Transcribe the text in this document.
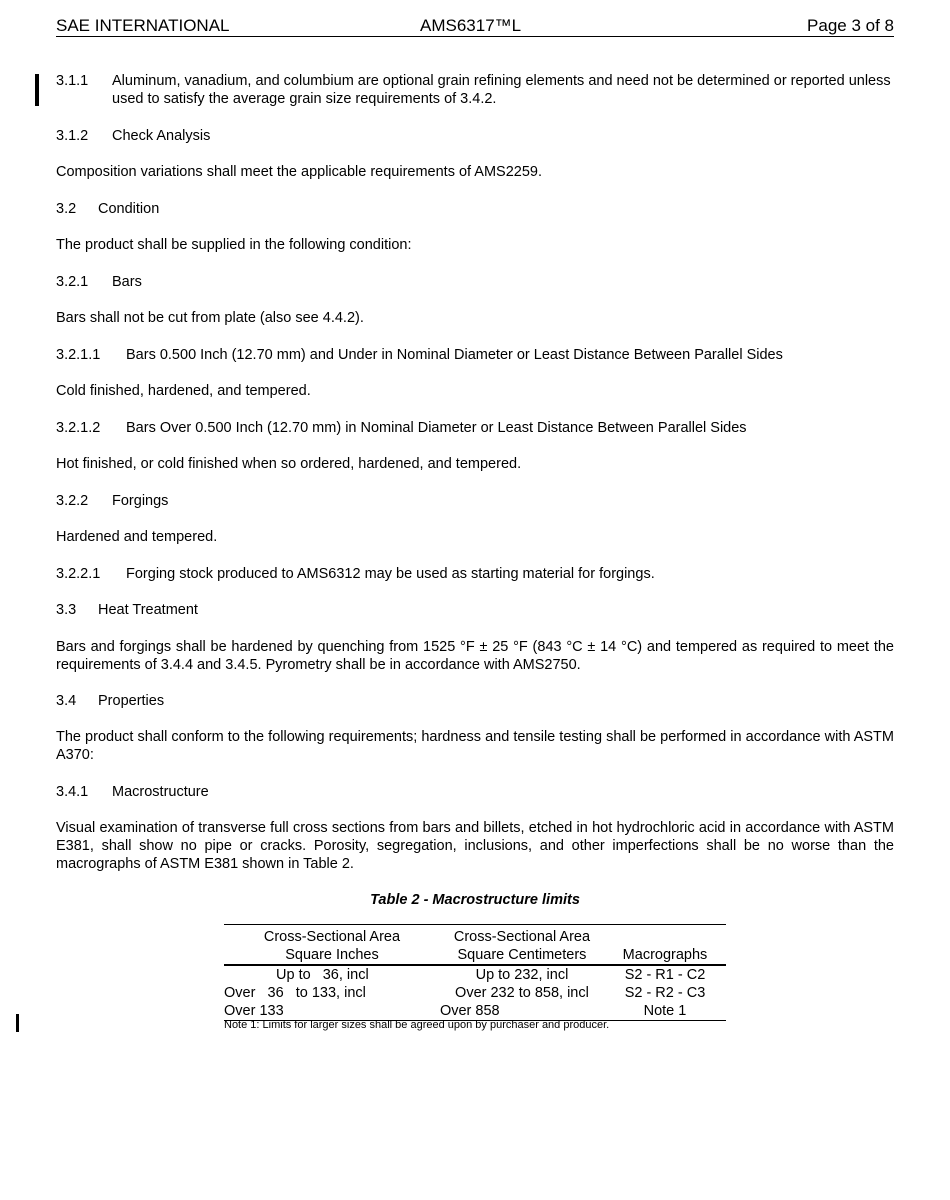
SAE INTERNATIONAL	AMS6317™L	Page 3 of 8
3.1.1	Aluminum, vanadium, and columbium are optional grain refining elements and need not be determined or reported unless used to satisfy the average grain size requirements of 3.4.2.

3.1.2	Check Analysis

Composition variations shall meet the applicable requirements of AMS2259.

3.2	Condition

The product shall be supplied in the following condition:

3.2.1	Bars

Bars shall not be cut from plate (also see 4.4.2).

3.2.1.1	Bars 0.500 Inch (12.70 mm) and Under in Nominal Diameter or Least Distance Between Parallel Sides

Cold finished, hardened, and tempered.

3.2.1.2	Bars Over 0.500 Inch (12.70 mm) in Nominal Diameter or Least Distance Between Parallel Sides

Hot finished, or cold finished when so ordered, hardened, and tempered.

3.2.2	Forgings

Hardened and tempered.

3.2.2.1	Forging stock produced to AMS6312 may be used as starting material for forgings.
3.3	Heat Treatment

Bars and forgings shall be hardened by quenching from 1525 °F ± 25 °F (843 °C ± 14 °C) and tempered as required to meet the requirements of 3.4.4 and 3.4.5. Pyrometry shall be in accordance with AMS2750.

3.4	Properties

The product shall conform to the following requirements; hardness and tensile testing shall be performed in accordance with ASTM A370:

3.4.1	Macrostructure

Visual examination of transverse full cross sections from bars and billets, etched in hot hydrochloric acid in accordance with ASTM E381, shall show no pipe or cracks. Porosity, segregation, inclusions, and other imperfections shall be no worse than the macrographs of ASTM E381 shown in Table 2.

Table 2 - Macrostructure limits
Cross-Sectional Area	Cross-Sectional Area	
Square Inches	Square Centimeters	Macrographs
Up to   36, incl	Up to 232, incl	S2 - R1 - C2
Over   36   to 133, incl	Over 232 to 858, incl	S2 - R2 - C3
Over 133	Over 858	Note 1
Note 1: Limits for larger sizes shall be agreed upon by purchaser and producer.
